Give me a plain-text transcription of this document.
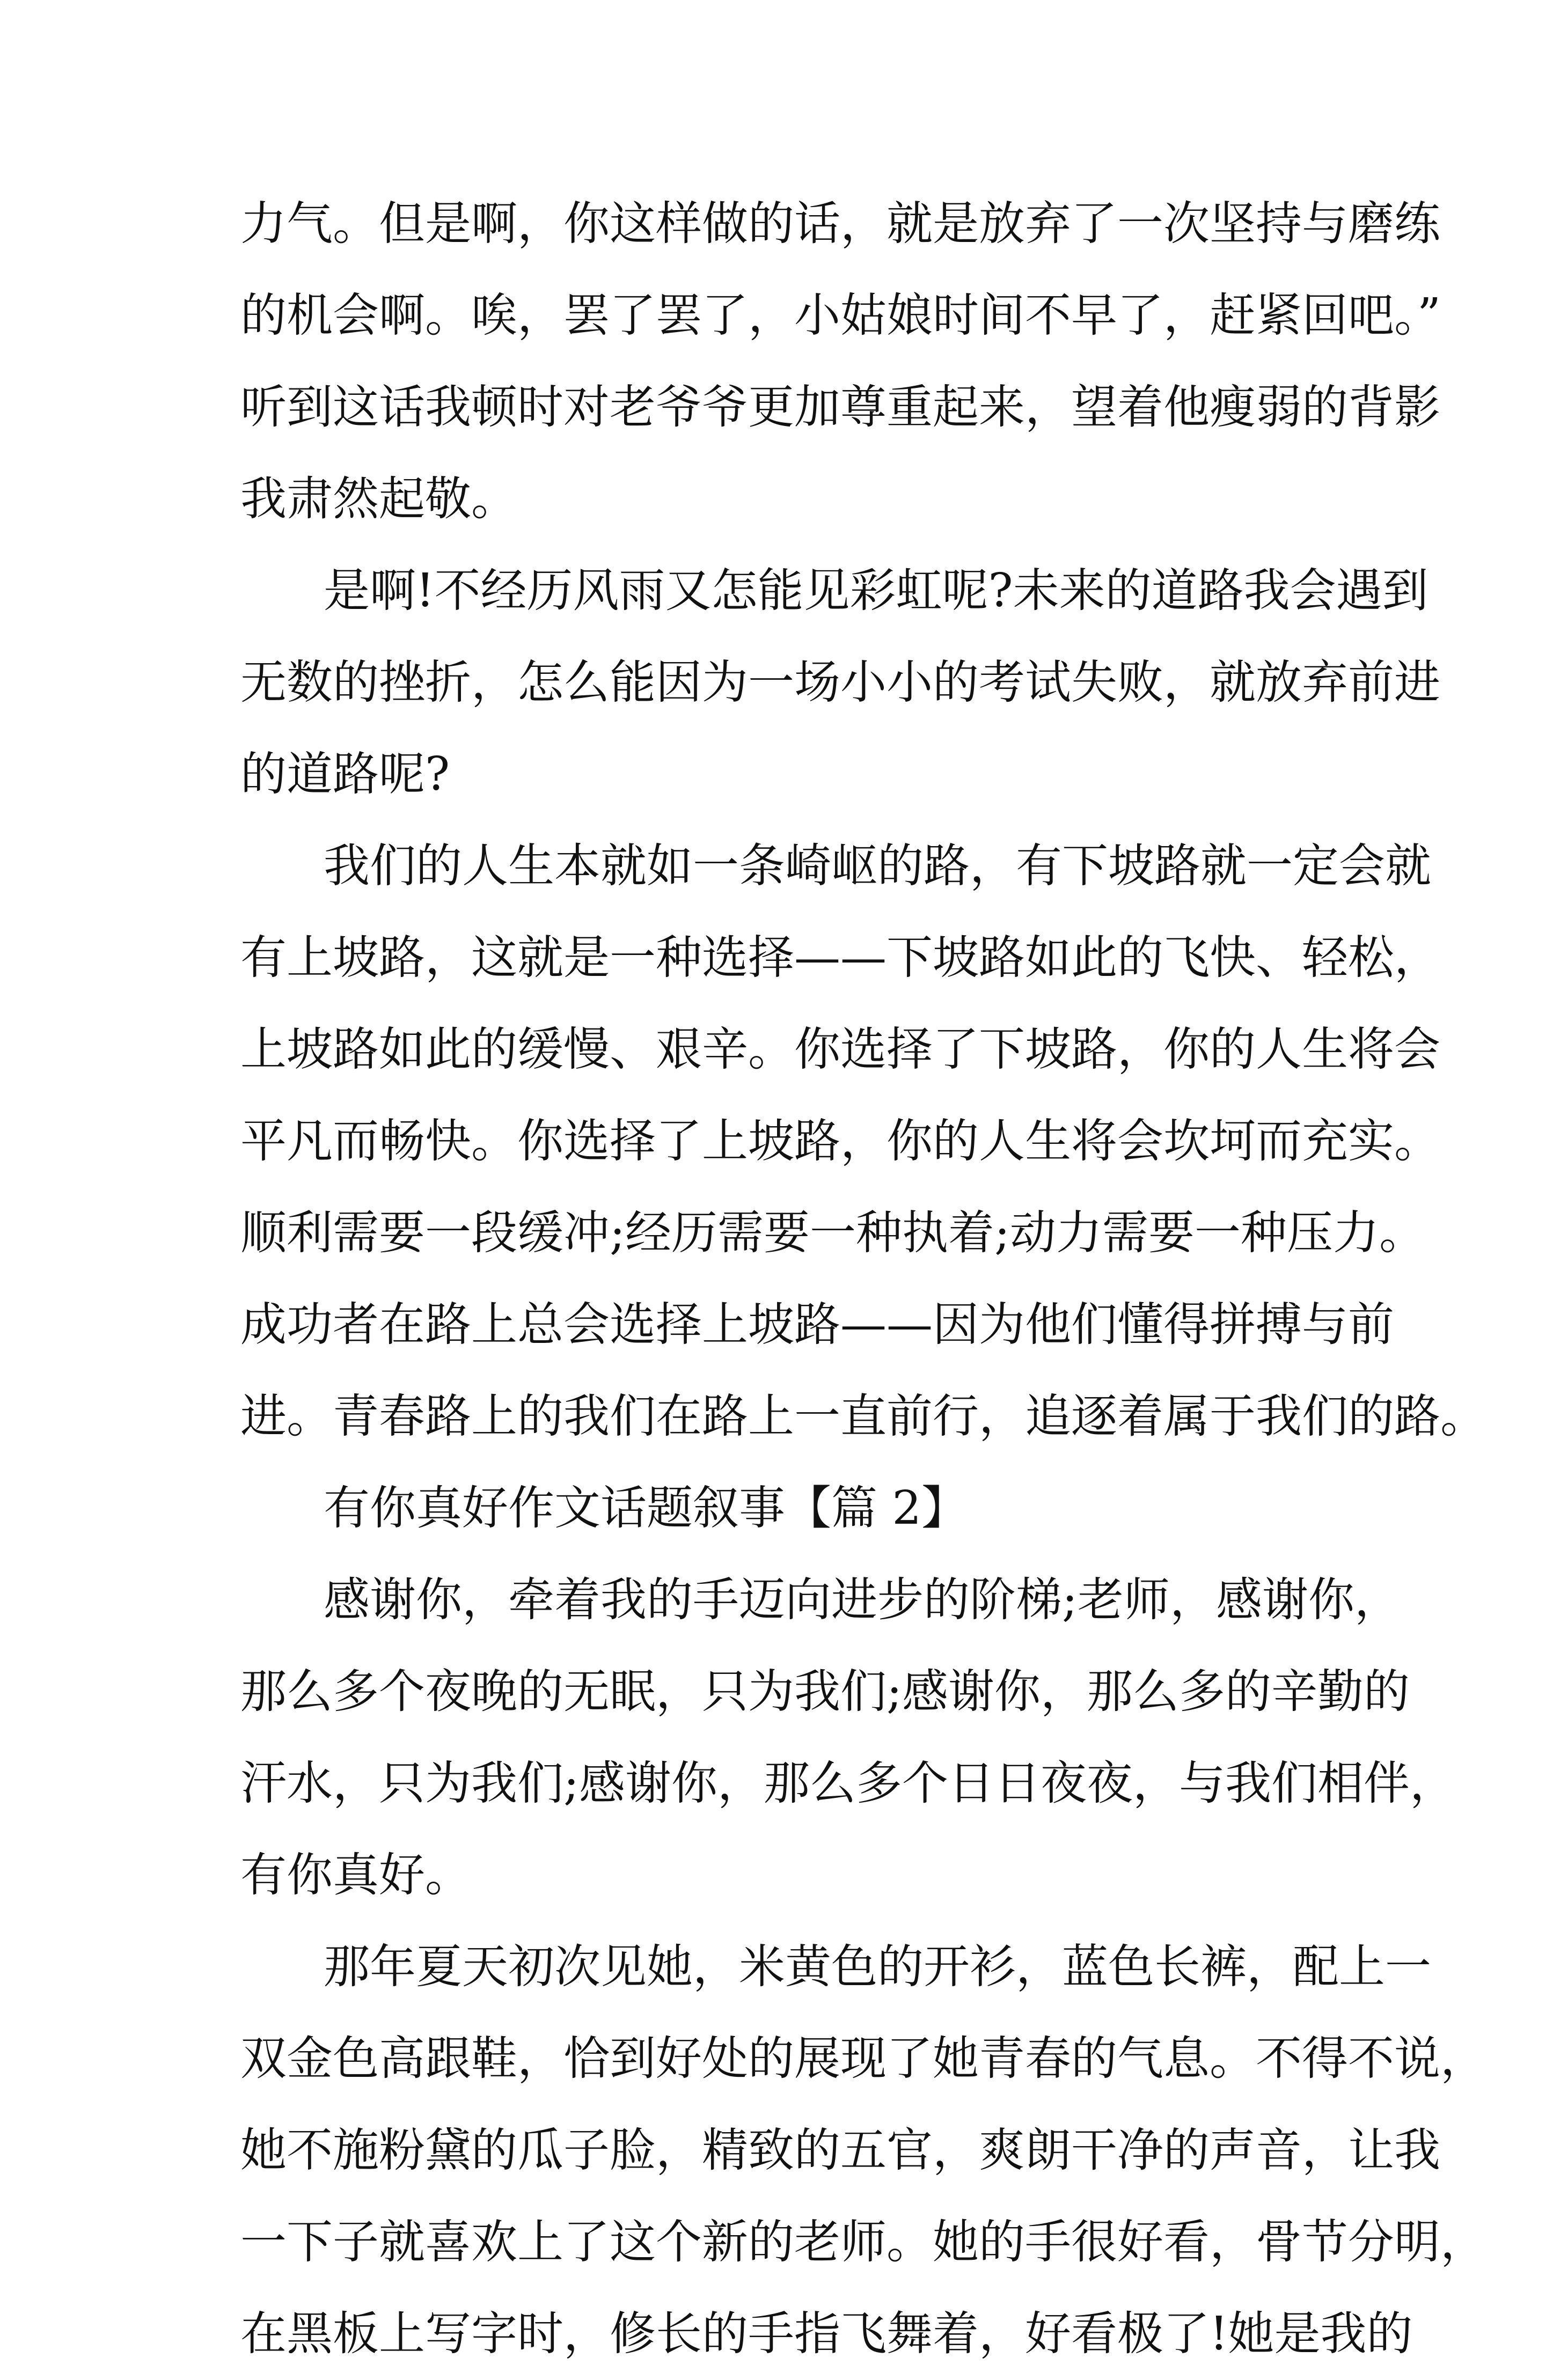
力气。但是啊，你这样做的话，就是放弃了一次坚持与磨练
的机会啊。唉，罢了罢了，小姑娘时间不早了，赶紧回吧。”
听到这话我顿时对老爷爷更加尊重起来，望着他瘦弱的背影
我肃然起敬。
是啊!不经历风雨又怎能见彩虹呢?未来的道路我会遇到
无数的挫折，怎么能因为一场小小的考试失败，就放弃前进
的道路呢?
我们的人生本就如一条崎岖的路，有下坡路就一定会就
有上坡路，这就是一种选择——下坡路如此的飞快、轻松，
上坡路如此的缓慢、艰辛。你选择了下坡路，你的人生将会
平凡而畅快。你选择了上坡路，你的人生将会坎坷而充实。
顺利需要一段缓冲;经历需要一种执着;动力需要一种压力。
成功者在路上总会选择上坡路——因为他们懂得拼搏与前
进。青春路上的我们在路上一直前行，追逐着属于我们的路。
有你真好作文话题叙事【篇 2】
感谢你，牵着我的手迈向进步的阶梯;老师，感谢你，
那么多个夜晚的无眠，只为我们;感谢你，那么多的辛勤的
汗水，只为我们;感谢你，那么多个日日夜夜，与我们相伴，
有你真好。
那年夏天初次见她，米黄色的开衫，蓝色长裤，配上一
双金色高跟鞋，恰到好处的展现了她青春的气息。不得不说，
她不施粉黛的瓜子脸，精致的五官，爽朗干净的声音，让我
一下子就喜欢上了这个新的老师。她的手很好看，骨节分明，
在黑板上写字时，修长的手指飞舞着，好看极了!她是我的
